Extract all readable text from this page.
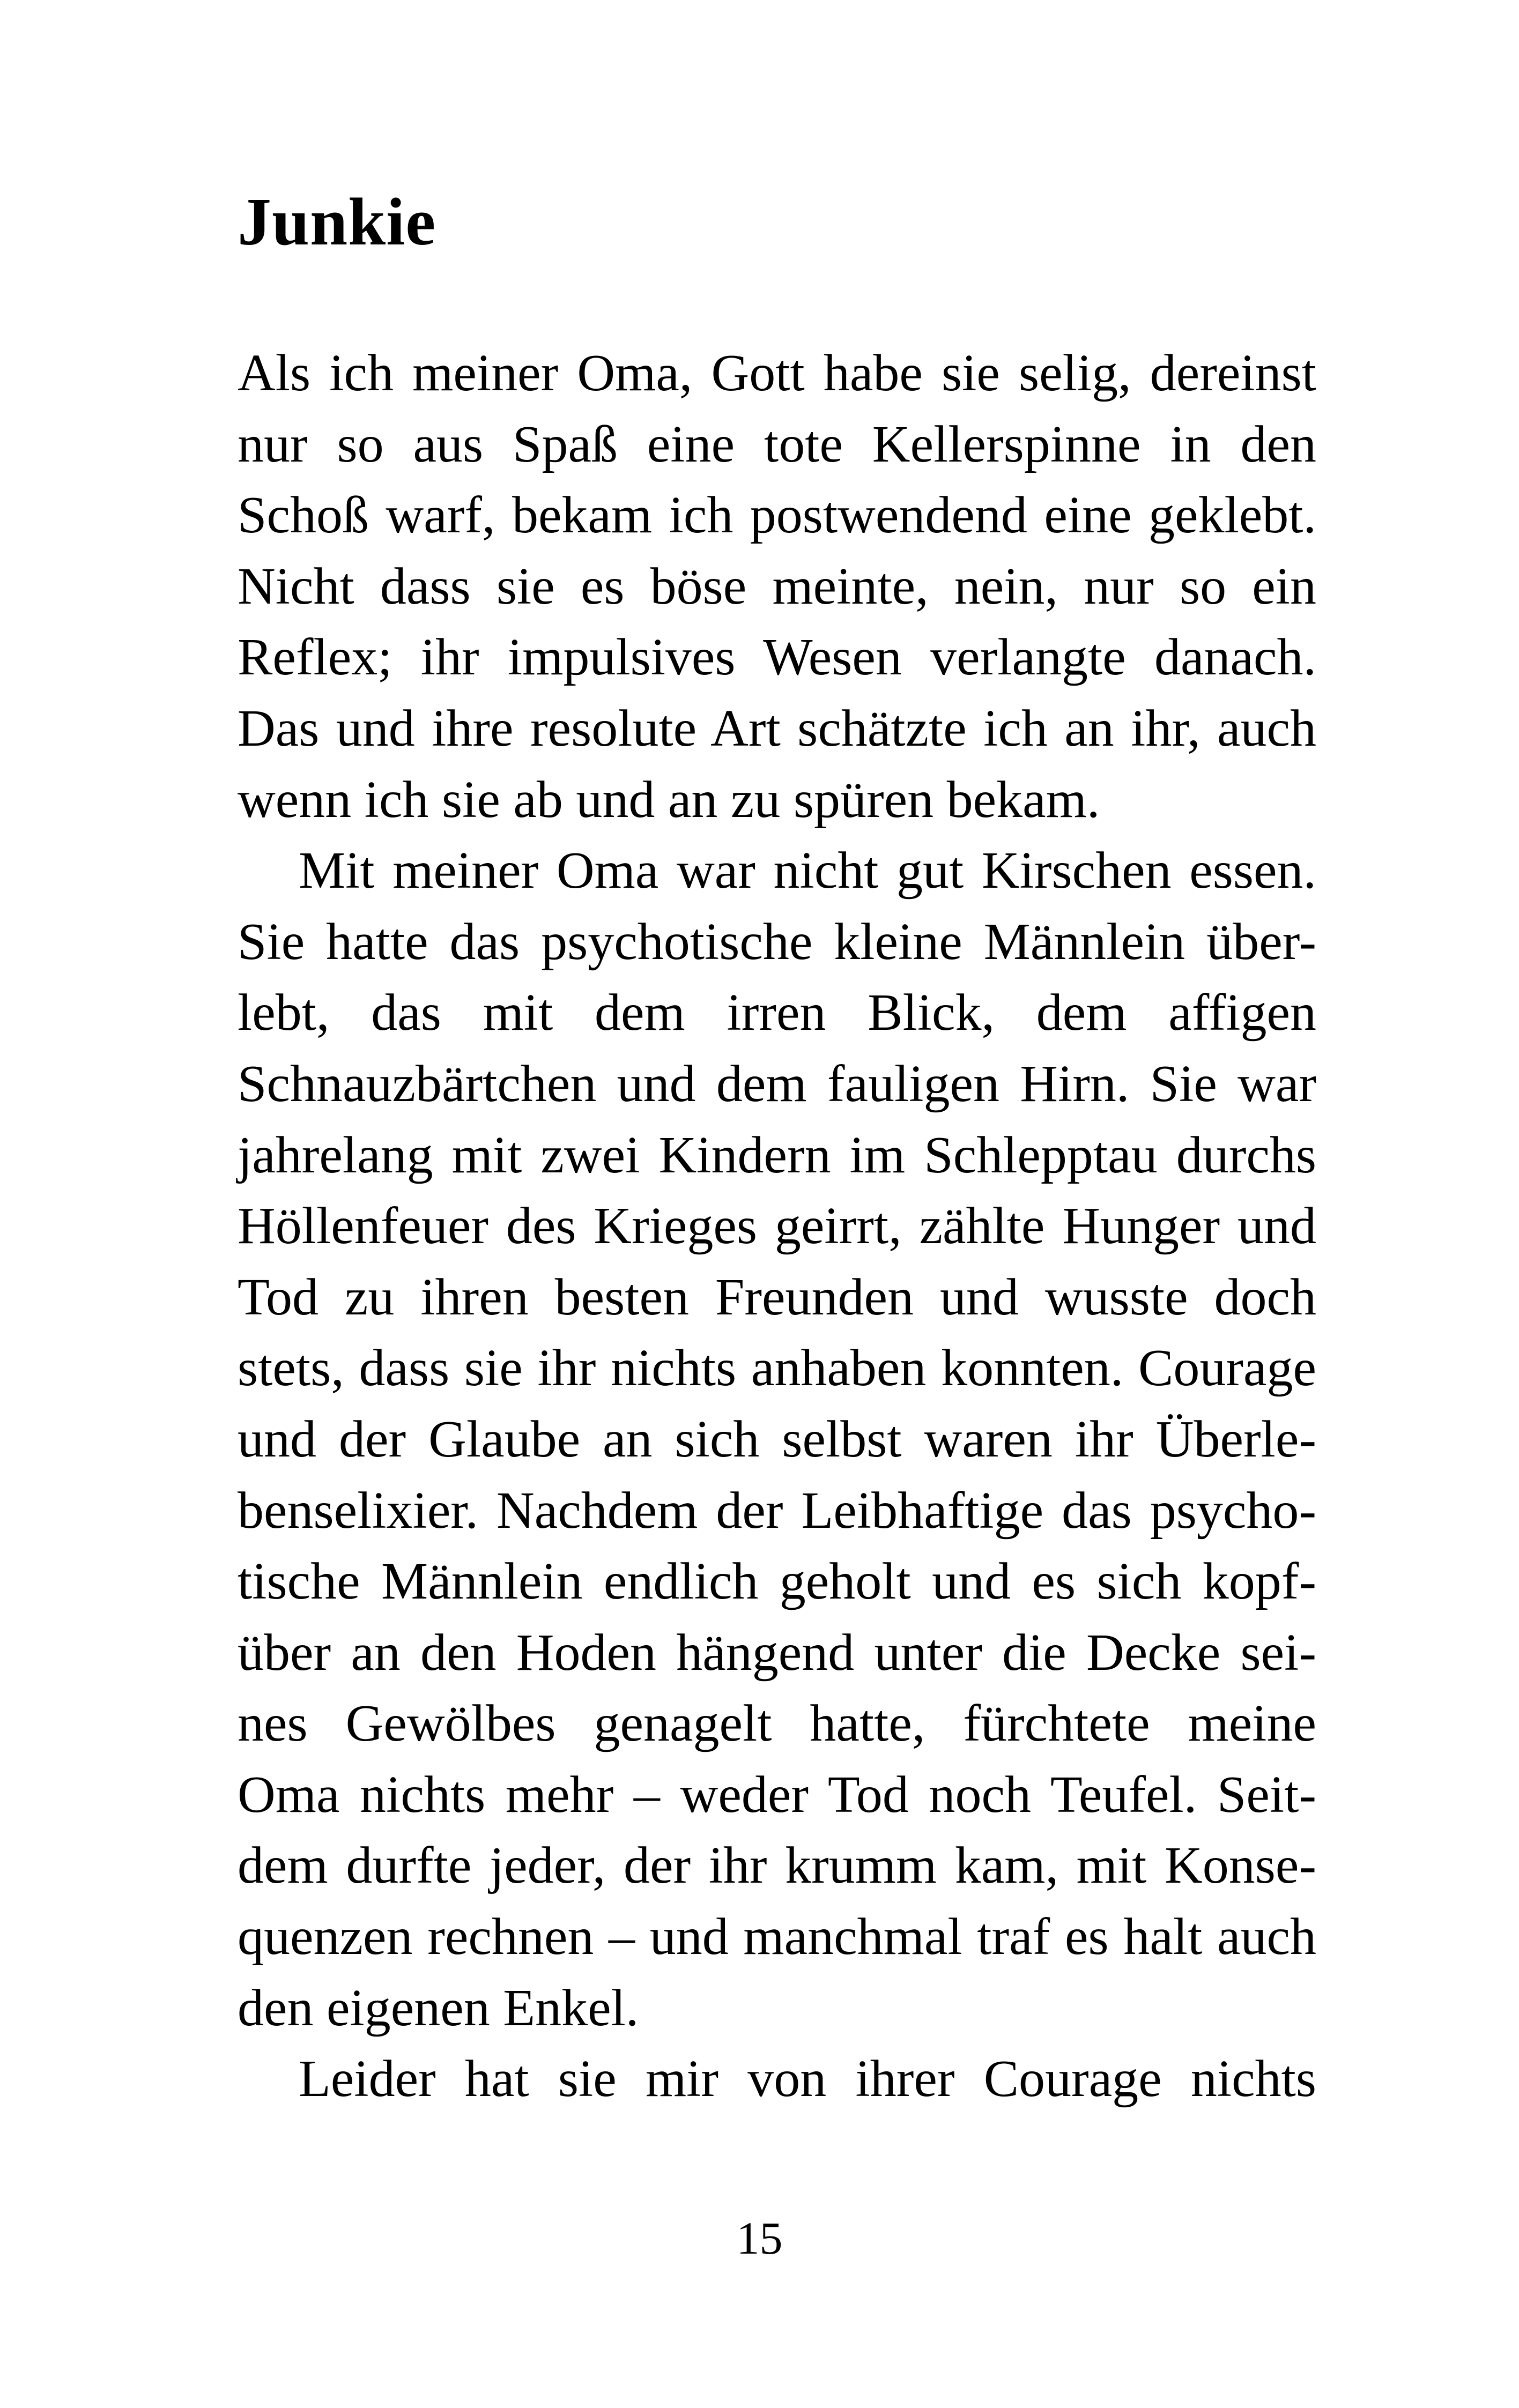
Junkie
Als ich meiner Oma, Gott habe sie selig, dereinst
nur so aus Spaß eine tote Kellerspinne in den
Schoß warf, bekam ich postwendend eine geklebt.
Nicht dass sie es böse meinte, nein, nur so ein
Reflex; ihr impulsives Wesen verlangte danach.
Das und ihre resolute Art schätzte ich an ihr, auch
wenn ich sie ab und an zu spüren bekam.
Mit meiner Oma war nicht gut Kirschen essen.
Sie hatte das psychotische kleine Männlein über-
lebt, das mit dem irren Blick, dem affigen
Schnauzbärtchen und dem fauligen Hirn. Sie war
jahrelang mit zwei Kindern im Schlepptau durchs
Höllenfeuer des Krieges geirrt, zählte Hunger und
Tod zu ihren besten Freunden und wusste doch
stets, dass sie ihr nichts anhaben konnten. Courage
und der Glaube an sich selbst waren ihr Überle-
benselixier. Nachdem der Leibhaftige das psycho-
tische Männlein endlich geholt und es sich kopf-
über an den Hoden hängend unter die Decke sei-
nes Gewölbes genagelt hatte, fürchtete meine
Oma nichts mehr – weder Tod noch Teufel. Seit-
dem durfte jeder, der ihr krumm kam, mit Konse-
quenzen rechnen – und manchmal traf es halt auch
den eigenen Enkel.
Leider hat sie mir von ihrer Courage nichts
15
